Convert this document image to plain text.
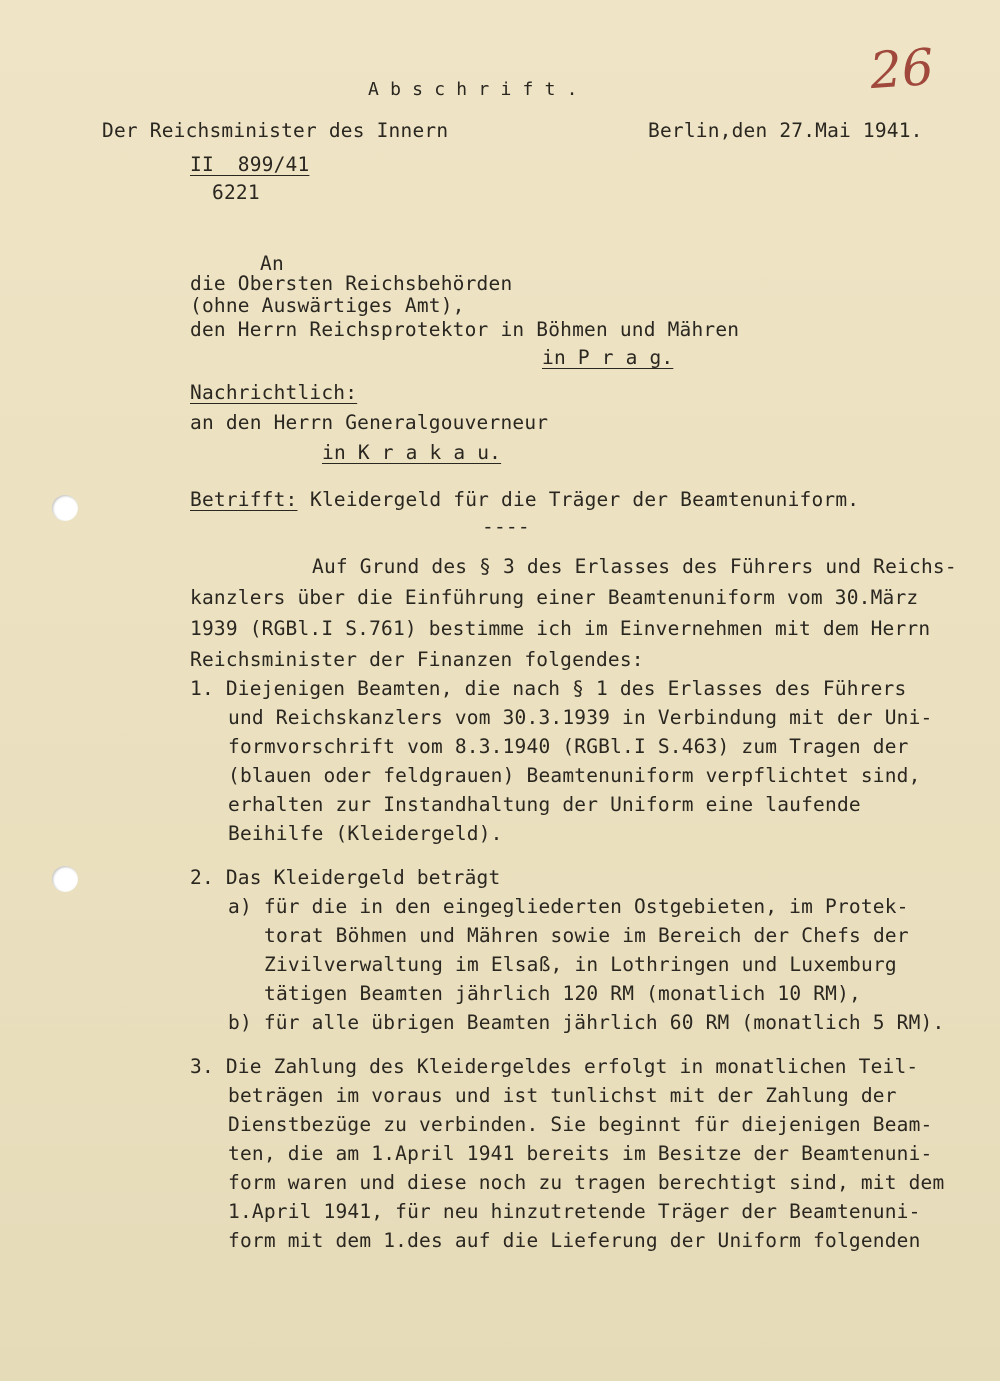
26
A b s c h r i f t .
Der Reichsminister des Innern	Berlin,den 27.Mai 1941.
II  899/41
6221
An
die Obersten Reichsbehörden
(ohne Auswärtiges Amt),
den Herrn Reichsprotektor in Böhmen und Mähren
in P r a g.
Nachrichtlich:
an den Herrn Generalgouverneur
in K r a k a u.
Betrifft: Kleidergeld für die Träger der Beamtenuniform.
----
Auf Grund des § 3 des Erlasses des Führers und Reichs-
kanzlers über die Einführung einer Beamtenuniform vom 30.März
1939 (RGBl.I S.761) bestimme ich im Einvernehmen mit dem Herrn
Reichsminister der Finanzen folgendes:
1. Diejenigen Beamten, die nach § 1 des Erlasses des Führers
und Reichskanzlers vom 30.3.1939 in Verbindung mit der Uni-
formvorschrift vom 8.3.1940 (RGBl.I S.463) zum Tragen der
(blauen oder feldgrauen) Beamtenuniform verpflichtet sind,
erhalten zur Instandhaltung der Uniform eine laufende
Beihilfe (Kleidergeld).
2. Das Kleidergeld beträgt
a) für die in den eingegliederten Ostgebieten, im Protek-
torat Böhmen und Mähren sowie im Bereich der Chefs der
Zivilverwaltung im Elsaß, in Lothringen und Luxemburg
tätigen Beamten jährlich 120 RM (monatlich 10 RM),
b) für alle übrigen Beamten jährlich 60 RM (monatlich 5 RM).
3. Die Zahlung des Kleidergeldes erfolgt in monatlichen Teil-
beträgen im voraus und ist tunlichst mit der Zahlung der
Dienstbezüge zu verbinden. Sie beginnt für diejenigen Beam-
ten, die am 1.April 1941 bereits im Besitze der Beamtenuni-
form waren und diese noch zu tragen berechtigt sind, mit dem
1.April 1941, für neu hinzutretende Träger der Beamtenuni-
form mit dem 1.des auf die Lieferung der Uniform folgenden
